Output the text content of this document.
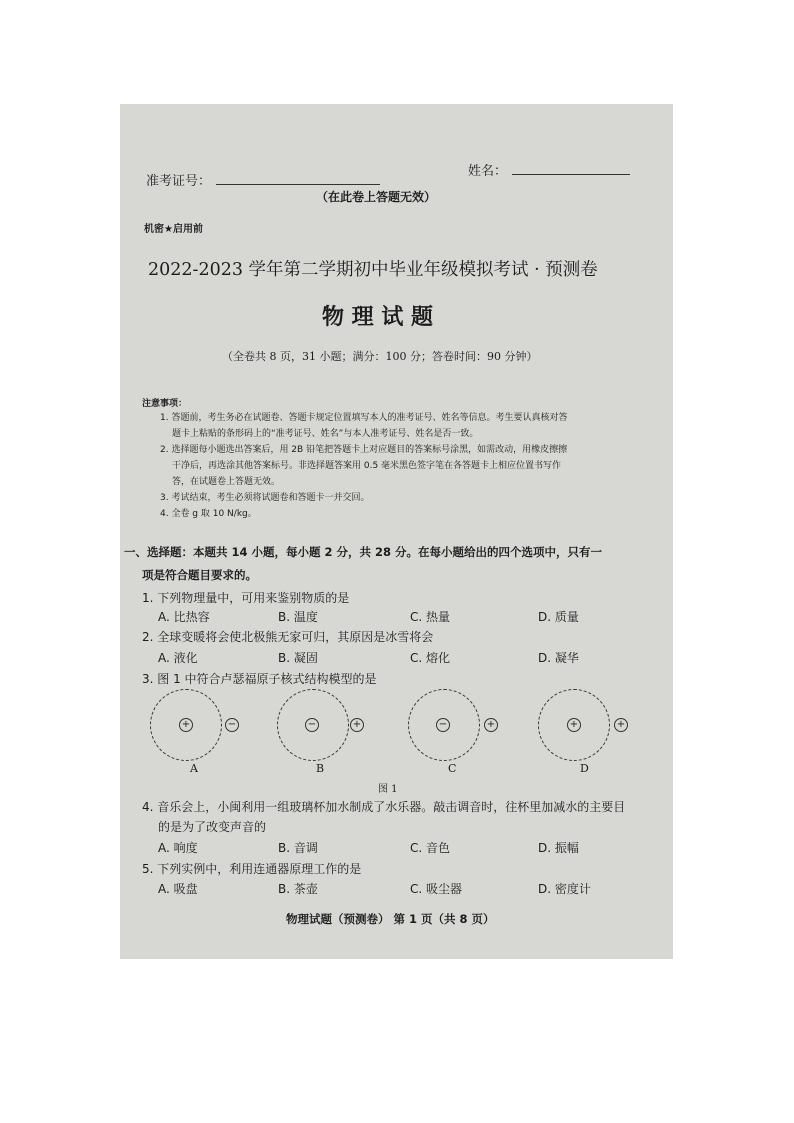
准考证号：
姓名：
（在此卷上答题无效）
机密★启用前
2022-2023 学年第二学期初中毕业年级模拟考试 · 预测卷
物 理 试 题
（全卷共 8 页，31 小题；满分：100 分；答卷时间：90 分钟）
注意事项：
1. 答题前，考生务必在试题卷、答题卡规定位置填写本人的准考证号、姓名等信息。考生要认真核对答
题卡上粘贴的条形码上的“准考证号、姓名”与本人准考证号、姓名是否一致。
2. 选择题每小题选出答案后，用 2B 铅笔把答题卡上对应题目的答案标号涂黑，如需改动，用橡皮擦擦
干净后，再选涂其他答案标号。非选择题答案用 0.5 毫米黑色签字笔在各答题卡上相应位置书写作
答，在试题卷上答题无效。
3. 考试结束，考生必须将试题卷和答题卡一并交回。
4. 全卷 g 取 10 N/kg。
一、选择题：本题共 14 小题，每小题 2 分，共 28 分。在每小题给出的四个选项中，只有一
项是符合题目要求的。
1. 下列物理量中，可用来鉴别物质的是
A. 比热容	B. 温度	C. 热量	D. 质量
2. 全球变暖将会使北极熊无家可归，其原因是冰雪将会
A. 液化	B. 凝固	C. 熔化	D. 凝华
3. 图 1 中符合卢瑟福原子核式结构模型的是
+	−
A
−	+
B
−	+
C
+	+
D
图 1
4. 音乐会上，小闽利用一组玻璃杯加水制成了水乐器。敲击调音时，往杯里加减水的主要目
的是为了改变声音的
A. 响度	B. 音调	C. 音色	D. 振幅
5. 下列实例中，利用连通器原理工作的是
A. 吸盘	B. 茶壶	C. 吸尘器	D. 密度计
物理试题（预测卷） 第 1 页（共 8 页）
